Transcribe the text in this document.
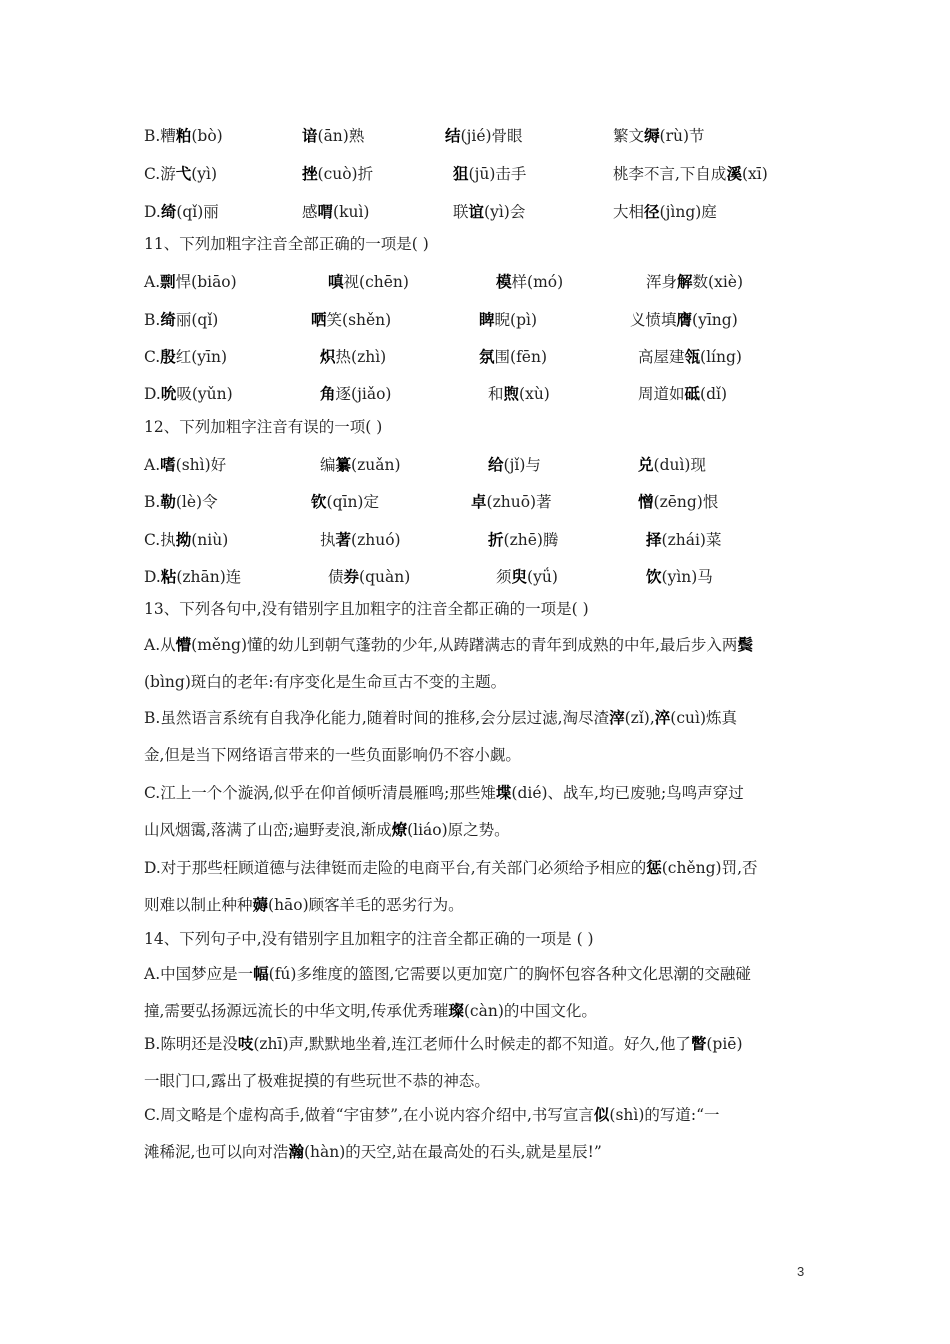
B.糟粕(bò)	谙(ān)熟	结(jié)骨眼	繁文缛(rù)节
C.游弋(yì)	挫(cuò)折	狙(jū)击手	桃李不言,下自成溪(xī)
D.绮(qǐ)丽	感喟(kuì)	联谊(yì)会	大相径(jìng)庭
11、下列加粗字注音全部正确的一项是( )
A.剽悍(biāo)	嗔视(chēn)	模样(mó)	浑身解数(xiè)
B.绮丽(qǐ)	哂笑(shěn)	睥睨(pì)	义愤填膺(yīng)
C.殷红(yīn)	炽热(zhì)	氛围(fēn)	高屋建瓴(líng)
D.吮吸(yǔn)	角逐(jiǎo)	和煦(xù)	周道如砥(dǐ)
12、下列加粗字注音有误的一项( )
A.嗜(shì)好	编纂(zuǎn)	给(jǐ)与	兑(duì)现
B.勒(lè)令	钦(qīn)定	卓(zhuō)著	憎(zēng)恨
C.执拗(niù)	执著(zhuó)	折(zhē)腾	择(zhái)菜
D.粘(zhān)连	债券(quàn)	须臾(yǘ)	饮(yìn)马
13、下列各句中,没有错别字且加粗字的注音全都正确的一项是( )
A.从懵(měng)懂的幼儿到朝气蓬勃的少年,从踌躇满志的青年到成熟的中年,最后步入两鬓
(bìng)斑白的老年:有序变化是生命亘古不变的主题。
B.虽然语言系统有自我净化能力,随着时间的推移,会分层过滤,淘尽渣滓(zǐ),淬(cuì)炼真
金,但是当下网络语言带来的一些负面影响仍不容小觑。
C.江上一个个漩涡,似乎在仰首倾听清晨雁鸣;那些雉堞(dié)、战车,均已废驰;鸟鸣声穿过
山风烟霭,落满了山峦;遍野麦浪,渐成燎(liáo)原之势。
D.对于那些枉顾道德与法律铤而走险的电商平台,有关部门必须给予相应的惩(chěng)罚,否
则难以制止种种薅(hāo)顾客羊毛的恶劣行为。
14、下列句子中,没有错别字且加粗字的注音全都正确的一项是 ( )
A.中国梦应是一幅(fú)多维度的篮图,它需要以更加宽广的胸怀包容各种文化思潮的交融碰
撞,需要弘扬源远流长的中华文明,传承优秀璀璨(càn)的中国文化。
B.陈明还是没吱(zhī)声,默默地坐着,连江老师什么时候走的都不知道。好久,他了瞥(piē)
一眼门口,露出了极难捉摸的有些玩世不恭的神态。
C.周文略是个虚构高手,做着“宇宙梦”,在小说内容介绍中,书写宣言似(shì)的写道:“一
滩稀泥,也可以向对浩瀚(hàn)的天空,站在最高处的石头,就是星辰!”
3
